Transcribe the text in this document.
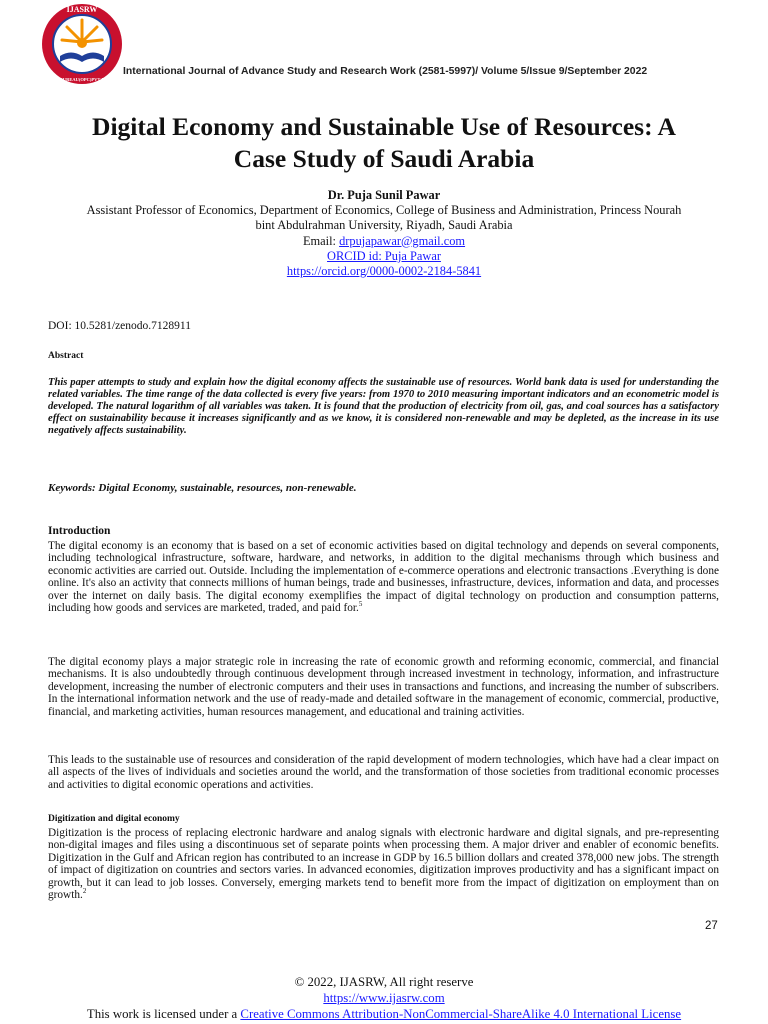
IJASRW
ALBUREAU(OPC)PVT LTD
International Journal of Advance Study and Research Work (2581-5997)/ Volume 5/Issue 9/September 2022
Digital Economy and Sustainable Use of Resources: A
Case Study of Saudi Arabia
Dr. Puja Sunil Pawar
Assistant Professor of Economics, Department of Economics, College of Business and Administration, Princess Nourah
bint Abdulrahman University, Riyadh, Saudi Arabia
Email: drpujapawar@gmail.com
ORCID id: Puja Pawar
https://orcid.org/0000-0002-2184-5841
DOI: 10.5281/zenodo.7128911
Abstract
This paper attempts to study and explain how the digital economy affects the sustainable use of resources. World bank data is used for understanding the related variables. The time range of the data collected is every five years: from 1970 to 2010 measuring important indicators and an econometric model is developed. The natural logarithm of all variables was taken. It is found that the production of electricity from oil, gas, and coal sources has a satisfactory effect on sustainability because it increases significantly and as we know, it is considered non-renewable and may be depleted, as the increase in its use negatively affects sustainability.
Keywords: Digital Economy, sustainable, resources, non-renewable.
Introduction
The digital economy is an economy that is based on a set of economic activities based on digital technology and depends on several components, including technological infrastructure, software, hardware, and networks, in addition to the digital mechanisms through which business and economic activities are carried out. Outside. Including the implementation of e-commerce operations and electronic transactions .Everything is done online. It's also an activity that connects millions of human beings, trade and businesses, infrastructure, devices, information and data, and processes over the internet on daily basis. The digital economy exemplifies the impact of digital technology on production and consumption patterns, including how goods and services are marketed, traded, and paid for.$^5$
The digital economy plays a major strategic role in increasing the rate of economic growth and reforming economic, commercial, and financial mechanisms. It is also undoubtedly through continuous development through increased investment in technology, information, and infrastructure development, increasing the number of electronic computers and their uses in transactions and functions, and increasing the number of subscribers. In the international information network and the use of ready-made and detailed software in the management of economic, commercial, productive, financial, and marketing activities, human resources management, and educational and training activities.
This leads to the sustainable use of resources and consideration of the rapid development of modern technologies, which have had a clear impact on all aspects of the lives of individuals and societies around the world, and the transformation of those societies from traditional economic processes and activities to digital economic operations and activities.
Digitization and digital economy
Digitization is the process of replacing electronic hardware and analog signals with electronic hardware and digital signals, and pre-representing non-digital images and files using a discontinuous set of separate points when processing them. A major driver and enabler of economic benefits. Digitization in the Gulf and African region has contributed to an increase in GDP by 16.5 billion dollars and created 378,000 new jobs. The strength of impact of digitization on countries and sectors varies. In advanced economies, digitization improves productivity and has a significant impact on growth, but it can lead to job losses. Conversely, emerging markets tend to benefit more from the impact of digitization on employment than on growth.$^2$
27
© 2022, IJASRW, All right reserve
https://www.ijasrw.com
This work is licensed under a Creative Commons Attribution-NonCommercial-ShareAlike 4.0 International License
